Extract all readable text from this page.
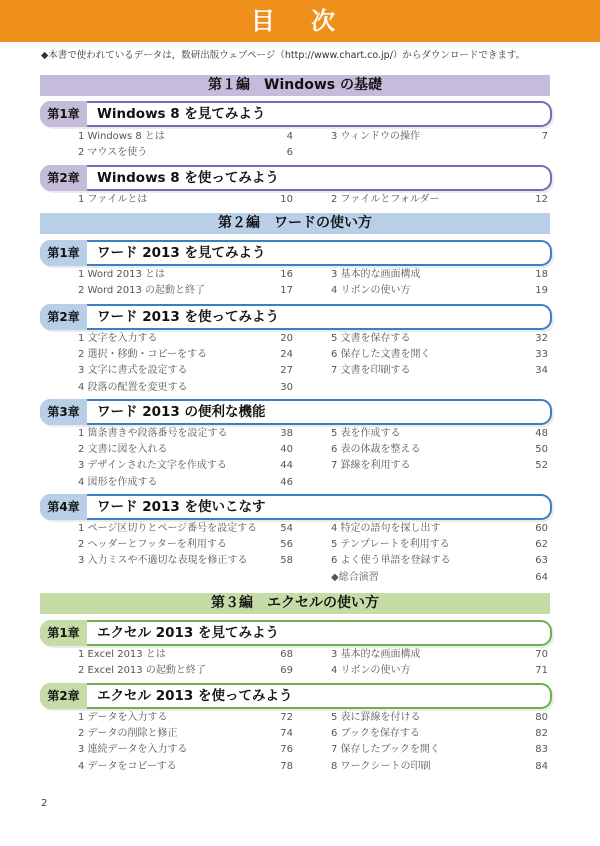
目 次
◆本書で使われているデータは，数研出版ウェブページ（http://www.chart.co.jp/）からダウンロードできます。
第１編　Windows の基礎
第1章	Windows 8 を見てみよう
1 Windows 8 とは	4	3 ウィンドウの操作	7
2 マウスを使う	6
第2章	Windows 8 を使ってみよう
1 ファイルとは	10	2 ファイルとフォルダー	12
第２編　ワードの使い方
第1章	ワード 2013 を見てみよう
1 Word 2013 とは	16	3 基本的な画面構成	18
2 Word 2013 の起動と終了	17	4 リボンの使い方	19
第2章	ワード 2013 を使ってみよう
1 文字を入力する	20	5 文書を保存する	32
2 選択・移動・コピーをする	24	6 保存した文書を開く	33
3 文字に書式を設定する	27	7 文書を印刷する	34
4 段落の配置を変更する	30
第3章	ワード 2013 の便利な機能
1 箇条書きや段落番号を設定する	38	5 表を作成する	48
2 文書に図を入れる	40	6 表の体裁を整える	50
3 デザインされた文字を作成する	44	7 罫線を利用する	52
4 図形を作成する	46
第4章	ワード 2013 を使いこなす
1 ページ区切りとページ番号を設定する 54	4 特定の語句を探し出す	60
2 ヘッダーとフッターを利用する	56	5 テンプレートを利用する	62
3 入力ミスや不適切な表現を修正する	58	6 よく使う単語を登録する	63
◆総合演習	64
第３編　エクセルの使い方
第1章	エクセル 2013 を見てみよう
1 Excel 2013 とは	68	3 基本的な画面構成	70
2 Excel 2013 の起動と終了	69	4 リボンの使い方	71
第2章	エクセル 2013 を使ってみよう
1 データを入力する	72	5 表に罫線を付ける	80
2 データの削除と修正	74	6 ブックを保存する	82
3 連続データを入力する	76	7 保存したブックを開く	83
4 データをコピーする	78	8 ワークシートの印刷	84
2
